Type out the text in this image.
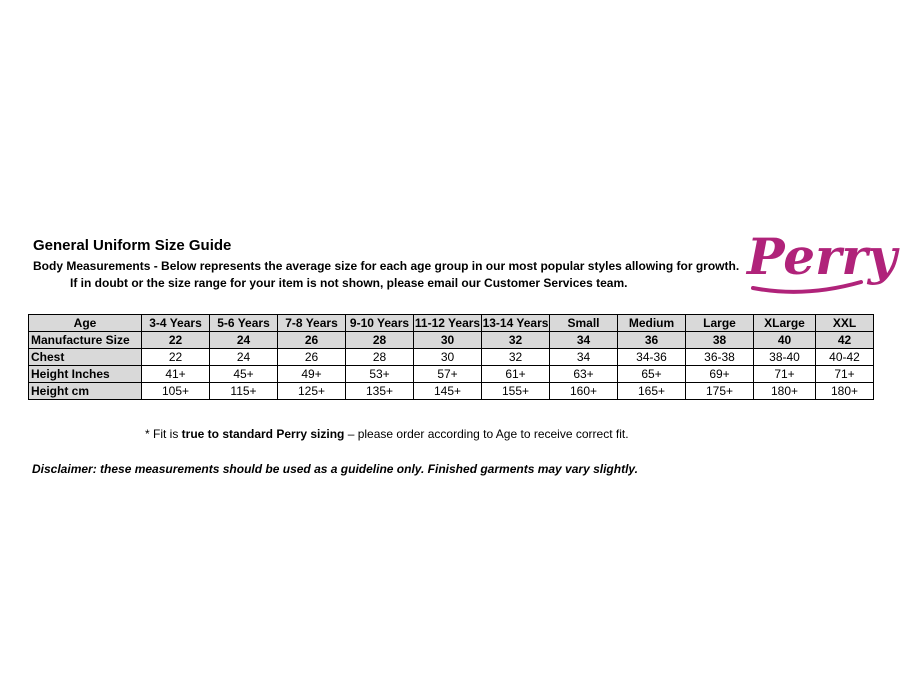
General Uniform Size Guide
Body Measurements - Below represents the average size for each age group in our most popular styles allowing for growth.
If in doubt or the size range for your item is not shown, please email our Customer Services team. Perry
Age	3-4 Years	5-6 Years	7-8 Years	9-10 Years	11-12 Years	13-14 Years	Small	Medium	Large	XLarge	XXL
Manufacture Size	22	24	26	28	30	32	34	36	38	40	42
Chest	22	24	26	28	30	32	34	34-36	36-38	38-40	40-42
Height Inches	41+	45+	49+	53+	57+	61+	63+	65+	69+	71+	71+
Height cm	105+	115+	125+	135+	145+	155+	160+	165+	175+	180+	180+
* Fit is true to standard Perry sizing – please order according to Age to receive correct fit.
Disclaimer: these measurements should be used as a guideline only. Finished garments may vary slightly.
